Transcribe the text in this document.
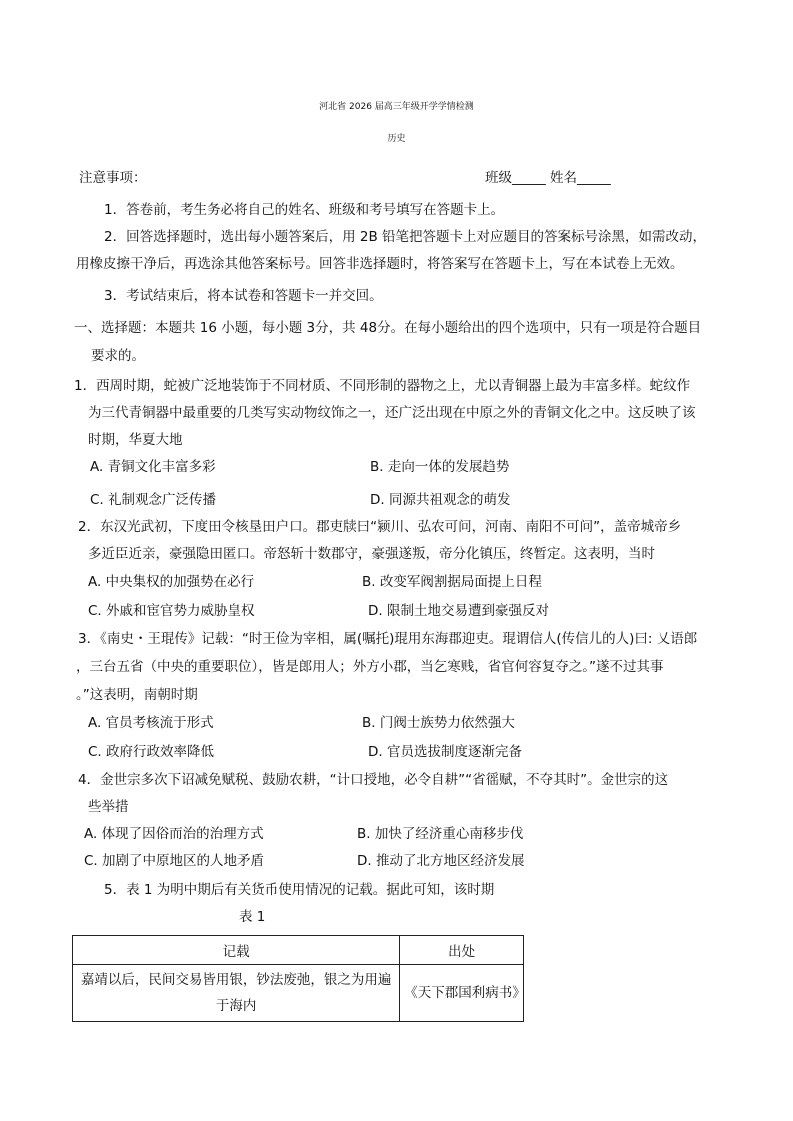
河北省 2026 届高三年级开学学情检测
历史
注意事项：	班级_____ 姓名_____
1．答卷前，考生务必将自己的姓名、班级和考号填写在答题卡上。
2．回答选择题时，选出每小题答案后，用 2B 铅笔把答题卡上对应题目的答案标号涂黑，如需改动，
用橡皮擦干净后，再选涂其他答案标号。回答非选择题时，将答案写在答题卡上，写在本试卷上无效。
3．考试结束后，将本试卷和答题卡一并交回。
一、选择题：本题共 16 小题，每小题 3分，共 48分。在每小题给出的四个选项中，只有一项是符合题目
要求的。
1．西周时期，蛇被广泛地装饰于不同材质、不同形制的器物之上，尤以青铜器上最为丰富多样。蛇纹作
为三代青铜器中最重要的几类写实动物纹饰之一，还广泛出现在中原之外的青铜文化之中。这反映了该
时期，华夏大地
A. 青铜文化丰富多彩	B. 走向一体的发展趋势
C. 礼制观念广泛传播	D. 同源共祖观念的萌发
2．东汉光武初，下度田令核垦田户口。郡吏牍曰“颍川、弘农可问，河南、南阳不可问”，盖帝城帝乡
多近臣近亲，豪强隐田匿口。帝怒斩十数郡守，豪强遂叛，帝分化镇压，终暂定。这表明，当时
A. 中央集权的加强势在必行	B. 改变军阀割据局面提上日程
C. 外戚和宦官势力威胁皇权	D. 限制土地交易遭到豪强反对
3．《南史・王琨传》记载：“时王俭为宰相，属(嘱托)琨用东海郡迎吏。琨谓信人(传信儿的人)曰: 乂语郎
，三台五省（中央的重要职位），皆是郎用人；外方小郡，当乞寒贱，省官何容复夺之。”遂不过其事
。”这表明，南朝时期
A. 官员考核流于形式	B. 门阀士族势力依然强大
C. 政府行政效率降低	D. 官员选拔制度逐渐完备
4．金世宗多次下诏减免赋税、鼓励农耕，“计口授地，必令自耕”“省徭赋，不夺其时”。金世宗的这
些举措
A. 体现了因俗而治的治理方式	B. 加快了经济重心南移步伐
C. 加剧了中原地区的人地矛盾	D. 推动了北方地区经济发展
5．表 1 为明中期后有关货币使用情况的记载。据此可知，该时期
表 1
记载	出处

嘉靖以后，民间交易皆用银，钞法废弛，银之为用遍于海内	《天下郡国利病书》
